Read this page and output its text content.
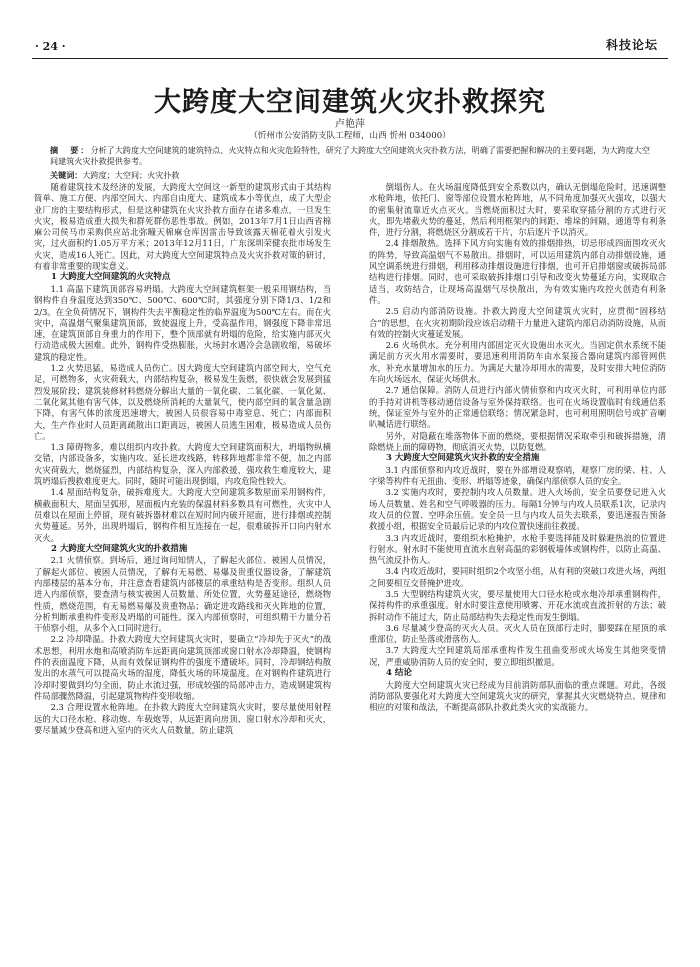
· 24 ·	科技论坛
大跨度大空间建筑火灾扑救探究
卢艳萍
（忻州市公安消防支队工程师，山西 忻州 034000）
摘　要：分析了大跨度大空间建筑的建筑特点、火灾特点和火灾危险特性，研究了大跨度大空间建筑火灾扑救方法，明确了需要把握和解决的主要问题，为大跨度大空间建筑火灾扑救提供参考。
关键词：大跨度；大空间；火灾扑救

随着建筑技术及经济的发展，大跨度大空间这一新型的建筑形式由于其结构简单、施工方便、内部空间大、内部自由度大、建筑成本小等优点，成了大型企业厂房的主要结构形式，但是这种建筑在火灾扑救方面存在诸多难点，一旦发生火灾，极易造成重大损失和群死群伤恶性事故。例如，2013年7月1日山西省棉麻公司侯马市采购供应站北弥疃天棉麻仓库因雷击导致该露天棉花着火引发火灾，过火面积约1.05万平方米；2013年12月11日，广东深圳荣健农批市场发生火灾，造成16人死亡。因此，对大跨度大空间建筑特点及火灾扑救对策的研讨，有着非常重要的现实意义。

1 大跨度大空间建筑的火灾特点

1.1 高温下建筑顶部容易坍塌。大跨度大空间建筑框架一般采用钢结构，当钢构件自身温度达到350℃、500℃、600℃时，其强度分别下降1/3、1/2和2/3。在全负荷情况下，钢构件失去平衡稳定性的临界温度为500℃左右。而在火灾中，高温烟气聚集建筑顶部，致使温度上升，受高温作用，钢强度下降非常迅速，在建筑顶部自身重力的作用下，整个顶部就有坍塌的危险，给实施内部灭火行动造成极大困难。此外，钢构件受热膨胀，火场封水遇冷会急剧收缩，易破坏建筑的稳定性。

1.2 火势迅猛，易造成人员伤亡。因大跨度大空间建筑内部空间大，空气充足，可燃物多，火灾荷载大，内部结构复杂，极易发生轰燃，很快就会发展到猛烈发展阶段；建筑装修材料燃烧分解出大量的一氧化碳、二氧化碳、一氧化氮、二氧化氮其他有害气体，以及燃烧所消耗的大量氧气，使内部空间的氧含量急剧下降，有害气体的浓度迅速增大，被困人员很容易中毒窒息、死亡；内部面积大，生产作业时人员距离疏散出口距离远，被困人员逃生困难，极易造成人员伤亡。

1.3 障碍物多，难以组织内攻扑救。大跨度大空间建筑面积大，坍塌物纵横交错，内部设备多，实施内攻、延长进攻线路，转移阵地都非常不便，加之内部火灾荷载大，燃烧猛烈，内部结构复杂，深入内部救援，强攻救生难度较大，建筑坍塌后搜救难度更大。同时，随时可能出现倒塌，内攻危险性较大。

1.4 屋面结构复杂，破拆难度大。大跨度大空间建筑多数屋面采用钢构件，横截面积大，屋面呈弧形，屋面板内充装的保温材料多数具有可燃性，火灾中人员难以在屋面上停留，现有破拆器材难以在短时间内破开屋面，进行排烟或控制火势蔓延。另外，出现坍塌后，钢构件相互连接在一起，很难破拆开口向内射水灭火。

2 大跨度大空间建筑火灾的扑救措施

2.1 火情侦察。到场后，通过询问知情人，了解起火部位、被困人员情况，了解起火部位、被困人员情况，了解有无易燃、易爆及贵重仪器设备，了解建筑内部楼层的基本分布，并注意查看建筑内部楼层的承重结构是否变形。组织人员进入内部侦察，要查清与核实被困人员数量、所处位置，火势蔓延途径，燃烧物性质，燃烧范围，有无易燃易爆及贵重物品；确定进攻路线和灭火阵地的位置，分析判断承重构件变形及坍塌的可能性。深入内部侦察时，可组织精干力量分若干侦察小组，从多个入口同时进行。

2.2 冷却降温。扑救大跨度大空间建筑火灾时，要确立“冷却先于灭火”的战术思想，利用水炮和高喷消防车远距离向建筑顶部或窗口射水冷却降温，使钢构件的表面温度下降，从而有效保证钢构件的强度不遭破坏。同时，冷却钢结构散发出的水蒸气可以提高火场的湿度，降低火场的环境温度。在对钢构件建筑进行冷却时要做到均匀全面，防止水流过强，形成较强的局部冲击力，造成钢建筑构件局部骤然降温，引起建筑物构件变形收缩。

2.3 合理设置水枪阵地。在扑救大跨度大空间建筑火灾时，要尽量使用射程远的大口径水枪、移动炮、车载炮等，从远距离向房顶、窗口射水冷却和灭火，要尽量减少登高和进入室内的灭火人员数量，防止建筑

倒塌伤人。在火场温度降低到安全系数以内，确认无倒塌危险时，迅速调整水枪阵地，依托门、窗等部位设置水枪阵地，从不同角度加强灭火强攻，以强大的密集射流靠近火点灭火。当燃烧面积过大时，要采取穿插分割的方式进行灭火，即先堵截火势的蔓延，然后利用框架内的间距、堆垛的间隔，通道等有利条件，进行分割，将燃烧区分割成若干片，尔后逐片予以消灭。

2.4 排烟散热。选择下风方向实施有效的排烟排热，切忌形成四面围攻灭火的阵势，导致高温烟气不易散出。排烟时，可以运用建筑内部自动排烟设施，通风空调系统进行排烟，利用移动排烟设施进行排烟，也可开启排烟窗或破拆局部结构进行排烟。同时，也可采取破拆排烟口引导和改变火势蔓延方向，实现取合适当，攻防结合，让现场高温烟气尽快散出，为有效实施内攻控火创造有利条件。

2.5 启动内部消防设施。扑救大跨度大空间建筑火灾时，应贯彻“固移结合”的思想，在火灾初期阶段应该启动精干力量进入建筑内部启动消防设施，从而有效的控制火灾蔓延发展。

2.6 火场供水。充分利用内部固定灭火设施出水灭火。当固定供水系统不能满足前方灭火用水需要时，要迅速利用消防车由水泵接合器向建筑内部管网供水，补充水量增加水的压力。为满足大量冷却用水的需要，及时安排大吨位消防车向火场远水，保证火场供水。

2.7 通信保障。消防人员进行内部火情侦察和内攻灭火时，可利用单位内部的手持对讲机等移动通信设备与室外保持联络。也可在火场设置临时有线通信系统，保证室外与室外的正常通信联络；情况紧急时，也可利用照明信号或扩音喇叭喊话进行联络。

另外，对隐蔽在堆落物体下面的燃烧，要根据情况采取牵引和破拆措施，清除燃烧上面的障碍物，彻底消灭火势，以防复燃。

3 大跨度大空间建筑火灾扑救的安全措施

3.1 内部侦察和内攻近战时，要在外部增设观察哨，观察厂房的梁、柱、人字梁等构件有无扭曲、变形、坍塌等迹象，确保内部侦察人员的安全。

3.2 实施内攻时，要控制内攻人员数量。进入火场前，安全员要登记进入火场人员数量、姓名和空气呼吸器的压力。每隔1分钟与内攻人员联系1次，记录内攻人员的位置、空呼余压值。安全员一旦与内攻人员失去联系，要迅速报告预备救援小组，根据安全员最后记录的内攻位置快速前往救援。

3.3 内攻近战时，要组织水枪掩护，水枪手要选择能及时躲避热浪的位置进行射水。射水时不能使用直流水直射高温的彩钢板墙体或钢构件，以防止高温、热气流反扑伤人。

3.4 内攻近战时，要同时组织2个攻坚小组，从有利的突破口攻进火场，两组之间要相互交替掩护进攻。

3.5 大型钢结构建筑火灾，要尽量使用大口径水枪或水炮冷却承重钢构件，保持构件的承重强度。射水时要注意使用喷雾、开花水流或直流折射的方法；破拆时动作不能过大，防止局部结构失去稳定性而发生倒塌。

3.6 尽量减少登高的灭火人员。灭火人员在顶部行走时，脚要踩在屋顶的承重部位，防止坠落或滑落伤人。

3.7 大跨度大空间建筑局部承重构件发生扭曲变形或火场发生其他突变情况，严重威胁消防人员的安全时，要立即组织撤退。

4 结论

大跨度大空间建筑火灾已经成为目前消防部队面临的重点课题。对此，各级消防部队要强化对大跨度大空间建筑火灾的研究，掌握其火灾燃烧特点、规律和相应的对策和战法，不断提高部队扑救此类火灾的实战能力。
